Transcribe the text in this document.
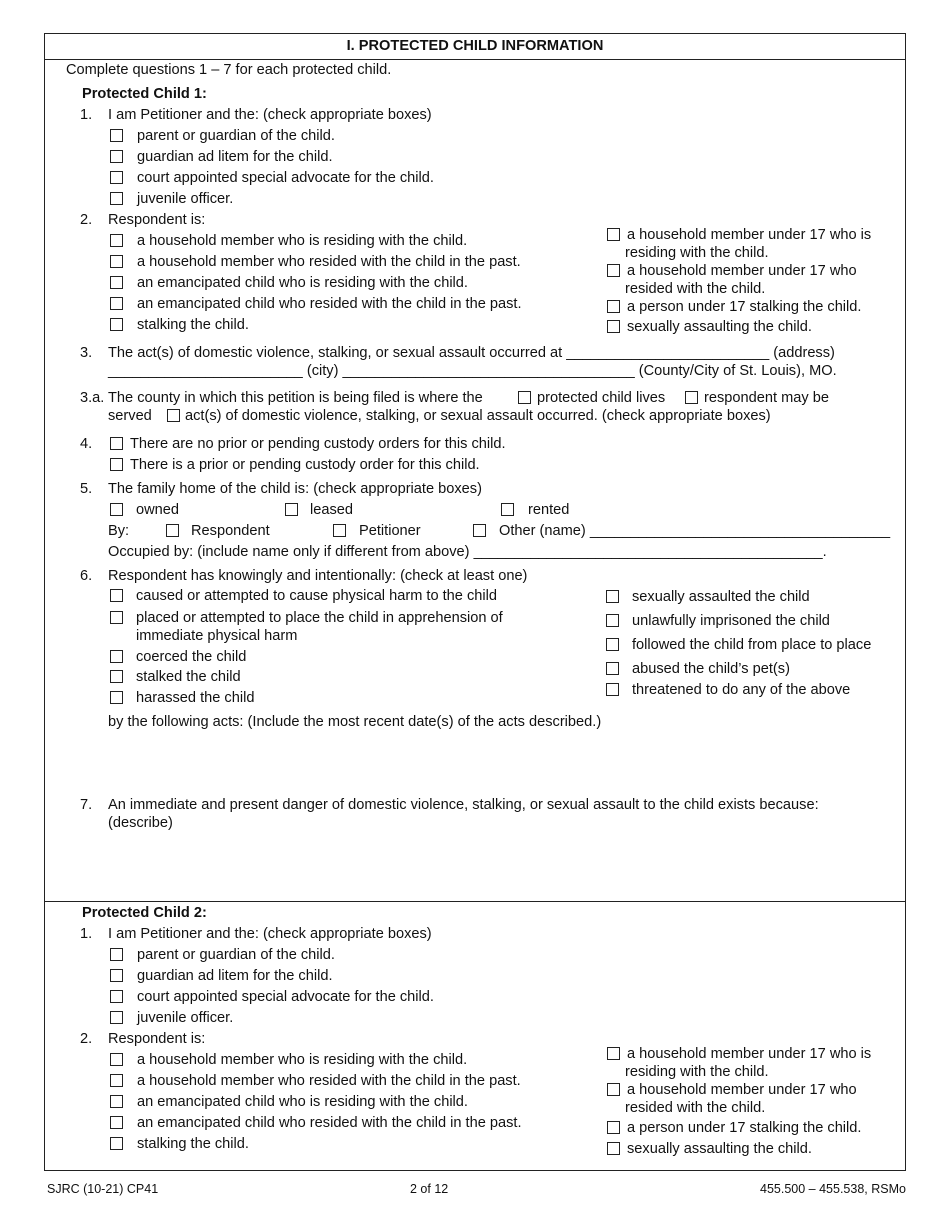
I. PROTECTED CHILD INFORMATION
Complete questions 1 – 7 for each protected child.
Protected Child 1:
1. I am Petitioner and the: (check appropriate boxes)
parent or guardian of the child.
guardian ad litem for the child.
court appointed special advocate for the child.
juvenile officer.
2. Respondent is:
a household member who is residing with the child.
a household member who resided with the child in the past.
an emancipated child who is residing with the child.
an emancipated child who resided with the child in the past.
stalking the child.
a household member under 17 who is
residing with the child.
a household member under 17 who
resided with the child.
a person under 17 stalking the child.
sexually assaulting the child.
3. The act(s) of domestic violence, stalking, or sexual assault occurred at _________________________ (address)
________________________ (city) ____________________________________ (County/City of St. Louis), MO.
3.a. The county in which this petition is being filed is where the	protected child lives	respondent may be
served act(s) of domestic violence, stalking, or sexual assault occurred. (check appropriate boxes)
4.	There are no prior or pending custody orders for this child.
There is a prior or pending custody order for this child.
5. The family home of the child is: (check appropriate boxes)
owned	leased	rented
By:	Respondent	Petitioner	Other (name) _____________________________________
Occupied by: (include name only if different from above) ___________________________________________.
6. Respondent has knowingly and intentionally: (check at least one)
caused or attempted to cause physical harm to the child
placed or attempted to place the child in apprehension of
immediate physical harm
coerced the child
stalked the child
harassed the child
sexually assaulted the child
unlawfully imprisoned the child
followed the child from place to place
abused the child’s pet(s)
threatened to do any of the above
by the following acts: (Include the most recent date(s) of the acts described.)
7. An immediate and present danger of domestic violence, stalking, or sexual assault to the child exists because:
(describe)
Protected Child 2:
1. I am Petitioner and the: (check appropriate boxes)
parent or guardian of the child.
guardian ad litem for the child.
court appointed special advocate for the child.
juvenile officer.
2. Respondent is:
a household member who is residing with the child.
a household member who resided with the child in the past.
an emancipated child who is residing with the child.
an emancipated child who resided with the child in the past.
stalking the child.
a household member under 17 who is
residing with the child.
a household member under 17 who
resided with the child.
a person under 17 stalking the child.
sexually assaulting the child.
SJRC (10-21) CP41	2 of 12	455.500 – 455.538, RSMo
